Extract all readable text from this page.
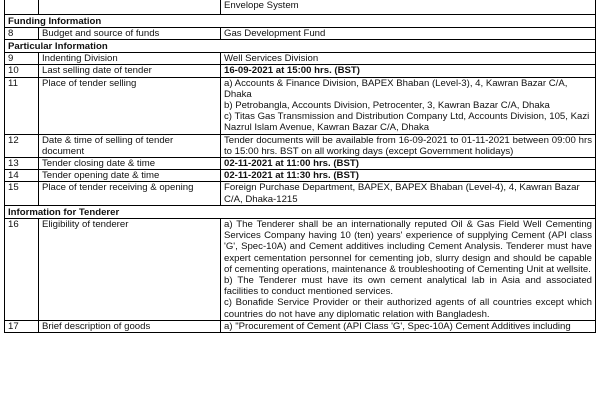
		Envelope System
Funding Information		
8	Budget and source of funds	Gas Development Fund
Particular Information		
9	Indenting Division	Well Services Division
10	Last selling date of tender	16-09-2021 at 15:00 hrs. (BST)
11	Place of tender selling	a) Accounts & Finance Division, BAPEX Bhaban (Level-3), 4, Kawran Bazar C/A, Dhaka

b) Petrobangla, Accounts Division, Petrocenter, 3, Kawran Bazar C/A, Dhaka

c) Titas Gas Transmission and Distribution Company Ltd, Accounts Division, 105, Kazi Nazrul Islam Avenue, Kawran Bazar C/A, Dhaka

12	Date & time of selling of tender document	Tender documents will be available from 16-09-2021 to 01-11-2021 between 09:00 hrs to 15:00 hrs. BST on all working days (except Government holidays)
13	Tender closing date & time	02-11-2021 at 11:00 hrs. (BST)
14	Tender opening date & time	02-11-2021 at 11:30 hrs. (BST)
15	Place of tender receiving & opening	Foreign Purchase Department, BAPEX, BAPEX Bhaban (Level-4), 4, Kawran Bazar C/A, Dhaka-1215
Information for Tenderer		
16	Eligibility of tenderer	a) The Tenderer shall be an internationally reputed Oil & Gas Field Well Cementing Services Company having 10 (ten) years' experience of supplying Cement (API class 'G', Spec-10A) and Cement additives including Cement Analysis. Tenderer must have expert cementation personnel for cementing job, slurry design and should be capable of cementing operations, maintenance & troubleshooting of Cementing Unit at wellsite.

b) The Tenderer must have its own cement analytical lab in Asia and associated facilities to conduct mentioned services.

c) Bonafide Service Provider or their authorized agents of all countries except which countries do not have any diplomatic relation with Bangladesh.

17	Brief description of goods	a) "Procurement of Cement (API Class 'G', Spec-10A) Cement Additives including
